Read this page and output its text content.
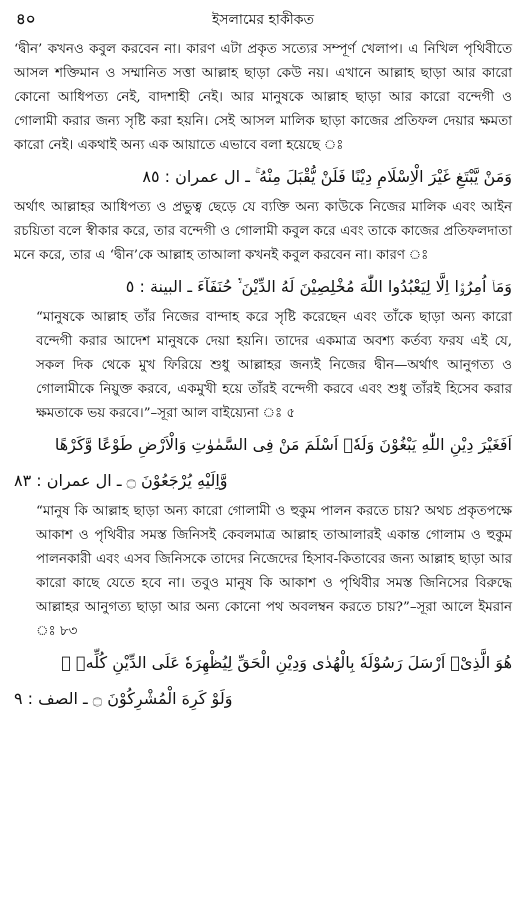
৪০	ইসলামের হাকীকত

‘দ্বীন’ কখনও কবুল করবেন না। কারণ এটা প্রকৃত সত্যের সম্পূর্ণ খেলাপ। এ নিখিল পৃথিবীতে আসল শক্তিমান ও সম্মানিত সত্তা আল্লাহ ছাড়া কেউ নয়। এখানে আল্লাহ ছাড়া আর কারো কোনো আধিপত্য নেই, বাদশাহী নেই। আর মানুষকে আল্লাহ ছাড়া আর কারো বন্দেগী ও গোলামী করার জন্য সৃষ্টি করা হয়নি। সেই আসল মালিক ছাড়া কাজের প্রতিফল দেয়ার ক্ষমতা কারো নেই। একথাই অন্য এক আয়াতে এভাবে বলা হয়েছে ঃ

وَمَنْ يَّبْتَغِ غَيْرَ الْاِسْلَامِ دِيْنًا فَلَنْ يُّقْبَلَ مِنْهُ ۚ ـ ال عمران : ٨٥

অর্থাৎ আল্লাহর আধিপত্য ও প্রভুত্ব ছেড়ে যে ব্যক্তি অন্য কাউকে নিজের মালিক এবং আইন রচয়িতা বলে স্বীকার করে, তার বন্দেগী ও গোলামী কবুল করে এবং তাকে কাজের প্রতিফলদাতা মনে করে, তার এ ‘দ্বীন’কে আল্লাহ তাআলা কখনই কবুল করবেন না। কারণ ঃ

وَمَاۤ اُمِرُوْۤا اِلَّا لِيَعْبُدُوا اللّٰهَ مُخْلِصِيْنَ لَهُ الدِّيْنَ ۙ۬ حُنَفَآءَ ـ البينة : ٥

“মানুষকে আল্লাহ তাঁর নিজের বান্দাহ করে সৃষ্টি করেছেন এবং তাঁকে ছাড়া অন্য কারো বন্দেগী করার আদেশ মানুষকে দেয়া হয়নি। তাদের একমাত্র অবশ্য কর্তব্য ফরয এই যে, সকল দিক থেকে মুখ ফিরিয়ে শুধু আল্লাহর জন্যই নিজের দ্বীন—অর্থাৎ আনুগত্য ও গোলামীকে নিয়ুক্ত করবে, একমুখী হয়ে তাঁরই বন্দেগী করবে এবং শুধু তাঁরই হিসেব করার ক্ষমতাকে ভয় করবে।”–সূরা আল বাইয়্যেনা ঃ ৫

اَفَغَيْرَ دِيْنِ اللّٰهِ يَبْغُوْنَ وَلَهٗۤ اَسْلَمَ مَنْ فِى السَّمٰوٰتِ وَالْاَرْضِ طَوْعًا وَّكَرْهًا
وَّاِلَيْهِ يُرْجَعُوْنَ ۝ ـ ال عمران : ٨٣

“মানুষ কি আল্লাহ ছাড়া অন্য কারো গোলামী ও হুকুম পালন করতে চায়? অথচ প্রকৃতপক্ষে আকাশ ও পৃথিবীর সমস্ত জিনিসই কেবলমাত্র আল্লাহ তাআলারই একান্ত গোলাম ও হুকুম পালনকারী এবং এসব জিনিসকে তাদের নিজেদের হিসাব-কিতাবের জন্য আল্লাহ ছাড়া আর কারো কাছে যেতে হবে না। তবুও মানুষ কি আকাশ ও পৃথিবীর সমস্ত জিনিসের বিরুদ্ধে আল্লাহর আনুগত্য ছাড়া আর অন্য কোনো পথ অবলম্বন করতে চায়?”–সূরা আলে ইমরান ঃ ৮৩

هُوَ الَّذِىْۤ اَرْسَلَ رَسُوْلَهٗ بِالْهُدٰى وَدِيْنِ الْحَقِّ لِيُظْهِرَهٗ عَلَى الدِّيْنِ كُلِّهٖ ۙ
وَلَوْ كَرِهَ الْمُشْرِكُوْنَ ۝ ـ الصف : ٩
